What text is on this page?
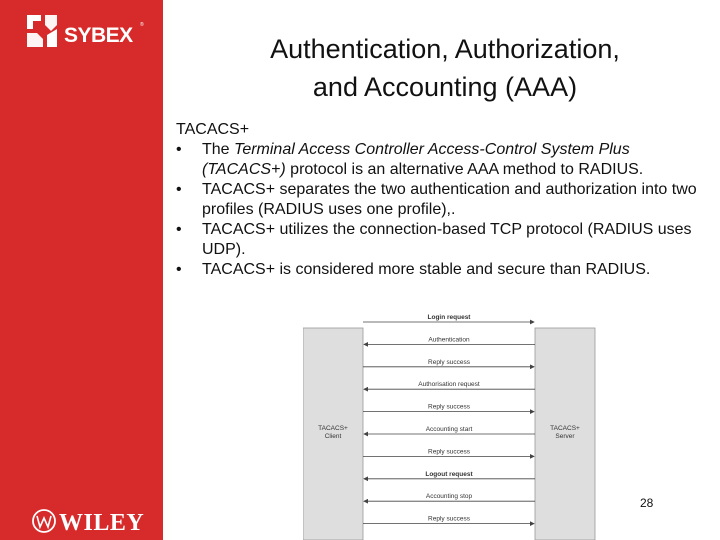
SYBEX ®
WILEY
Authentication, Authorization,
and Accounting (AAA)

TACACS+

• The Terminal Access Controller Access-Control System Plus (TACACS+) protocol is an alternative AAA method to RADIUS.
• TACACS+ separates the two authentication and authorization into two profiles (RADIUS uses one profile),.
• TACACS+ utilizes the connection-based TCP protocol (RADIUS uses UDP).
• TACACS+ is considered more stable and secure than RADIUS.
TACACS+
Client
TACACS+
Server
Login request
Authentication
Reply success
Authorisation request
Reply success
Accounting start
Reply success
Logout request
Accounting stop
Reply success
28
